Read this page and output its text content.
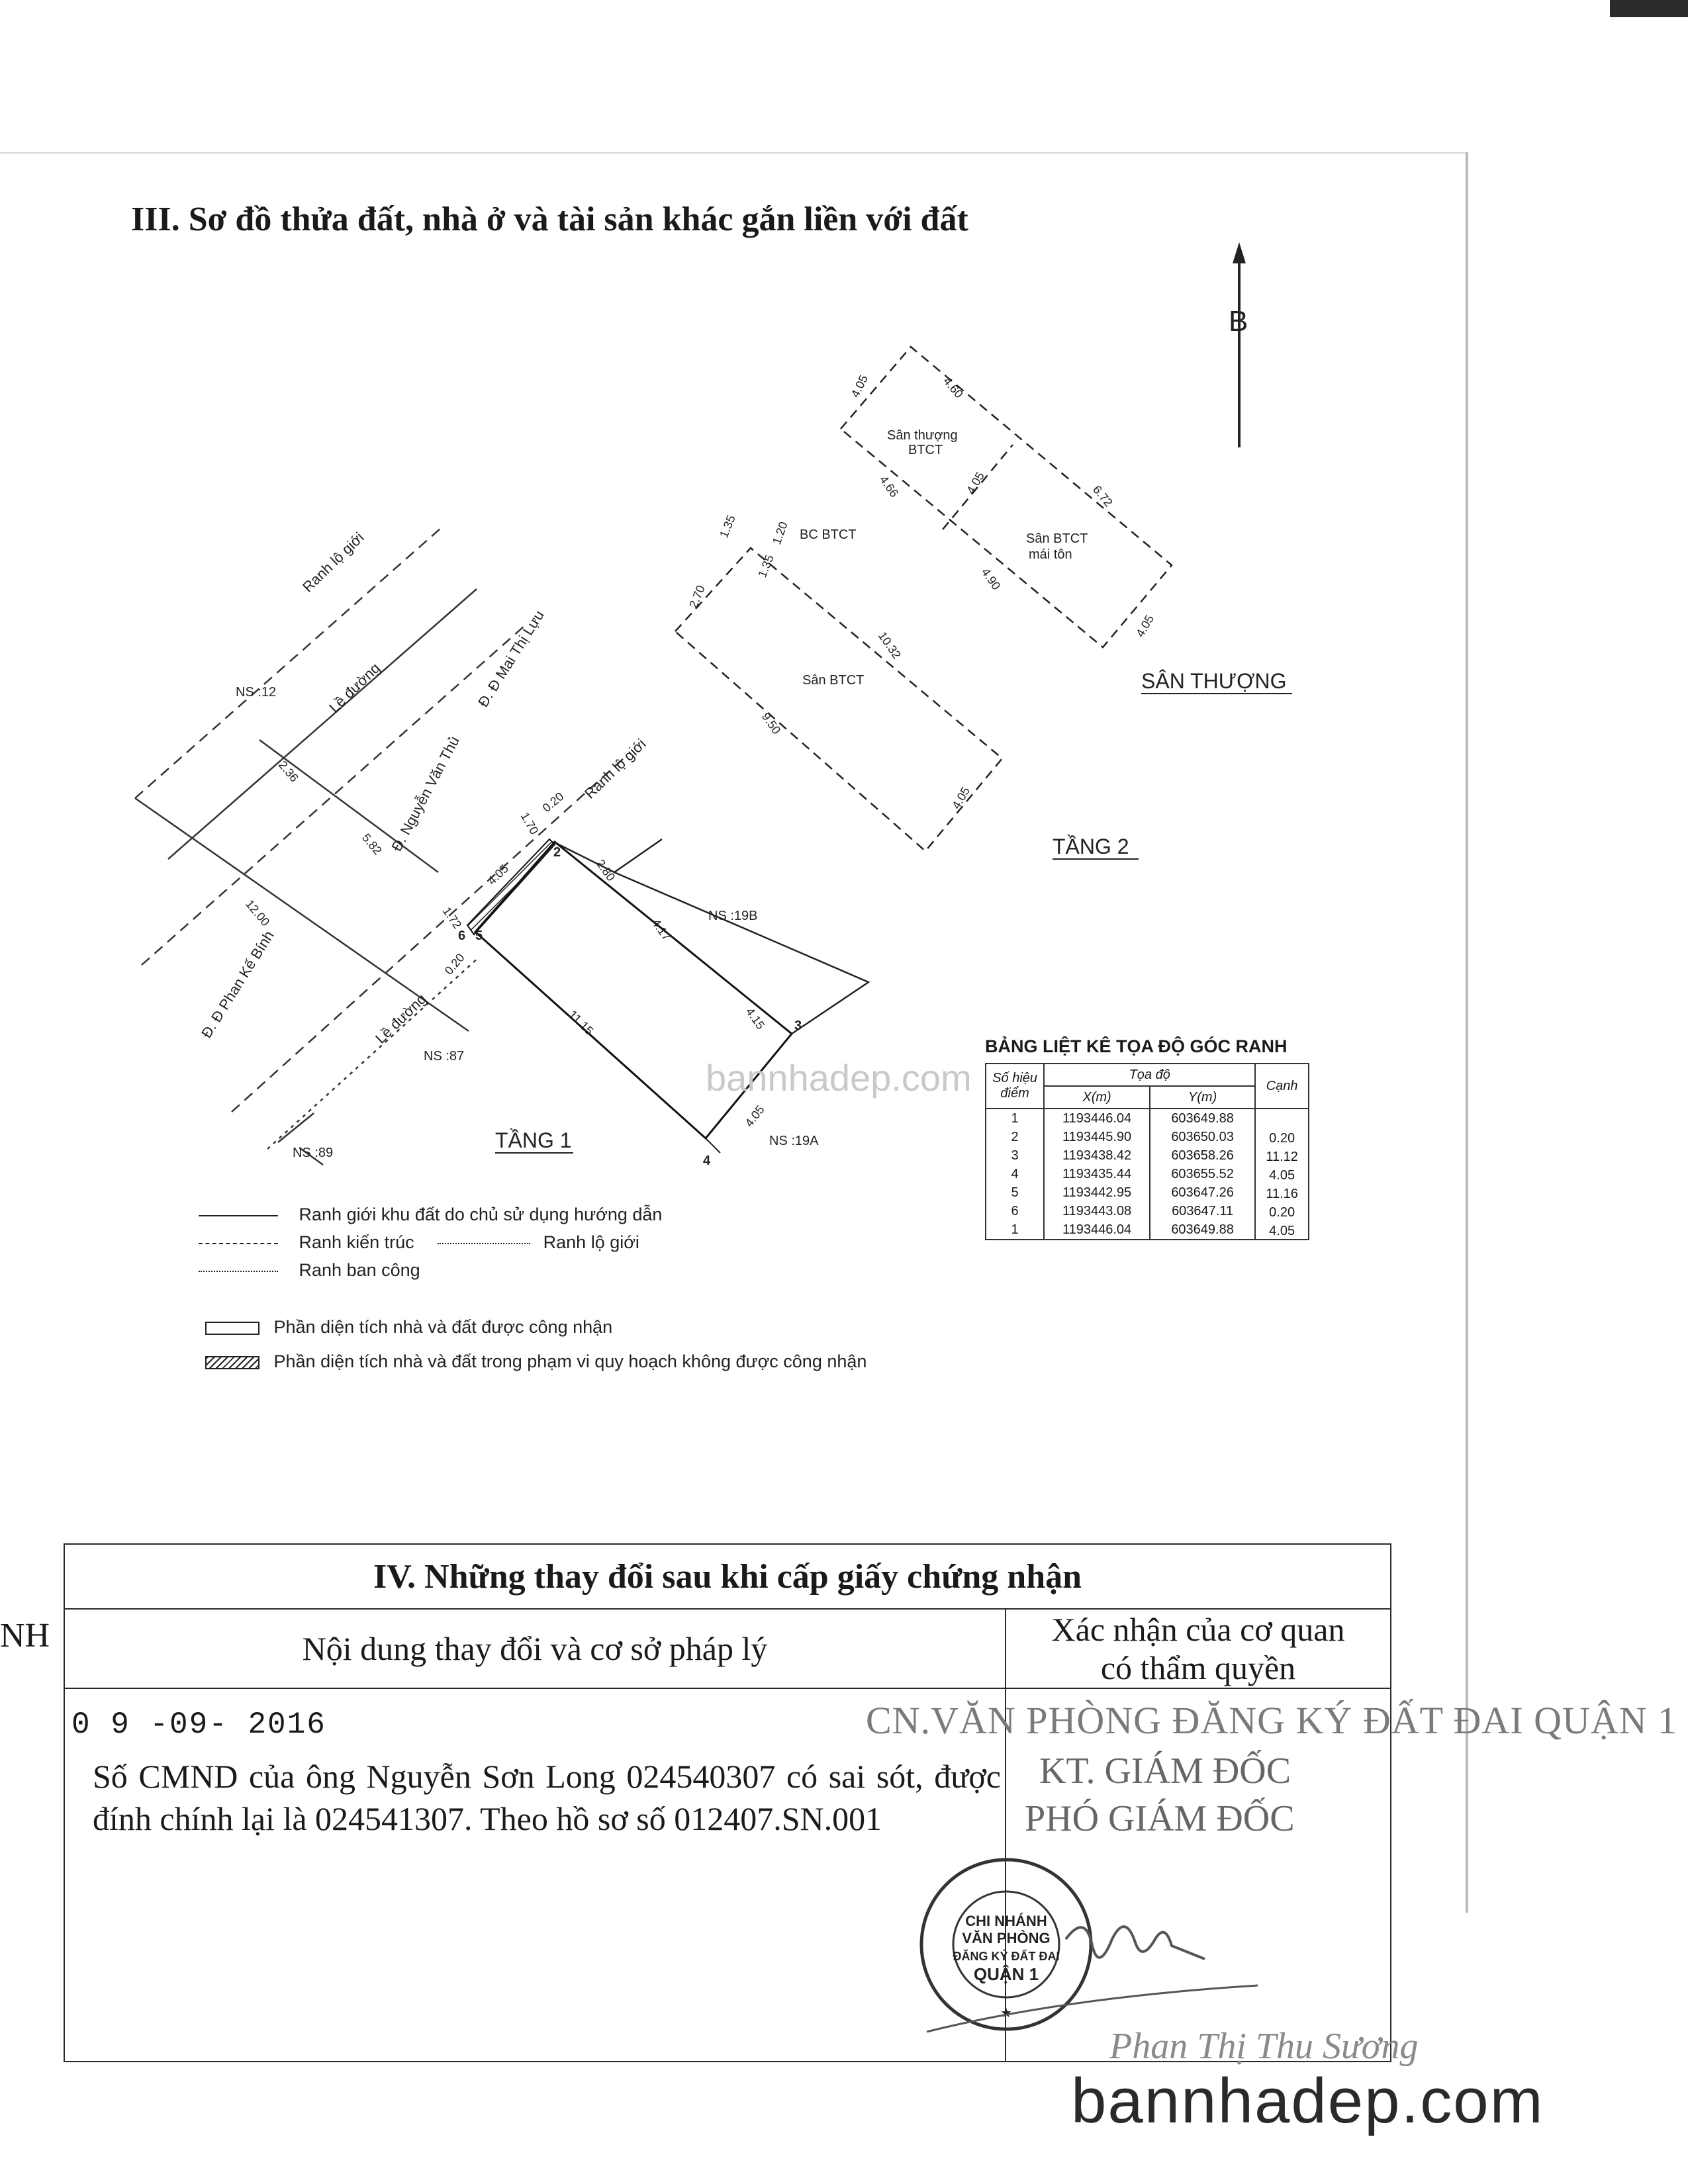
III. Sơ đồ thửa đất, nhà ở và tài sản khác gắn liền với đất
NH
B
TẦNG 1
TẦNG 2
SÂN THƯỢNG
Ranh lộ giới
Ranh lộ giới
Lề đường
Lề đường
Đ. Nguyễn Văn Thủ
Đ. Đ Mai Thị Lựu
Đ. Đ Phan Kế Bính
NS :12
NS :19B
NS :87
NS :89
NS :19A
Sân thượng
BTCT
Sân BTCT
mái tôn
Sân BTCT
BC BTCT
2.36
5.82
12.00
1.70
0.20
4.05
1.72
0.20
2.80
4.17
4.15
11.15
4.05
1.35	1.20
2.70
1.35
10.32
9.50
4.05
4.05	4.60
4.66	4.05	6.72
4.90
4.05
2
3
4
5
6
Ranh giới khu đất do chủ sử dụng hướng dẫn
Ranh kiến trúc	Ranh lộ giới
Ranh ban công
Phần diện tích nhà và đất được công nhận
Phần diện tích nhà và đất trong phạm vi quy hoạch không được công nhận
BẢNG LIỆT KÊ TỌA ĐỘ GÓC RANH
Số hiệu điểm	Tọa độ		Cạnh
	X(m)	Y(m)	
1	1193446.04	603649.88	
2	1193445.90	603650.03	0.20
3	1193438.42	603658.26	11.12
4	1193435.44	603655.52	4.05
5	1193442.95	603647.26	11.16
6	1193443.08	603647.11	0.20
1	1193446.04	603649.88	4.05
bannhadep.com
IV. Những thay đổi sau khi cấp giấy chứng nhận	
Nội dung thay đổi và cơ sở pháp lý	Xác nhận của cơ quan
có thẩm quyền

0 9 -09- 2016
Số CMND của ông Nguyễn Sơn Long 024540307 có sai sót, được đính chính lại là 024541307. Theo hồ sơ số 012407.SN.001
CN.VĂN PHÒNG ĐĂNG KÝ ĐẤT ĐAI QUẬN 1
KT. GIÁM ĐỐC
PHÓ GIÁM ĐỐC
CHI NHÁNH
VĂN PHÒNG
ĐĂNG KÝ ĐẤT ĐAI
QUẬN 1
★
Phan Thị Thu Sương
bannhadep.com
